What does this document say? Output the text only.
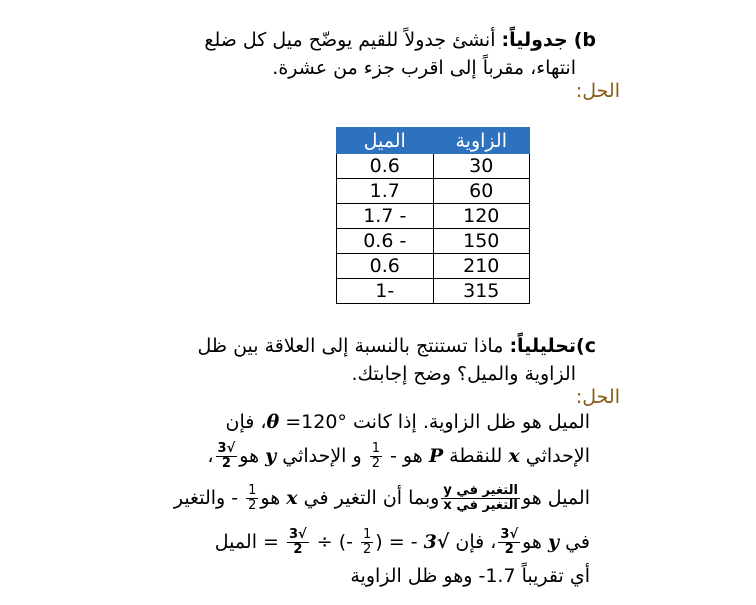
b) جدولياً: أنشئ جدولاً للقيم يوضّح ميل كل ضلع
انتهاء، مقرباً إلى اقرب جزء من عشرة.
الحل:
الزاوية	الميل
30	0.6
60	1.7
120	- 1.7
150	- 0.6
210	0.6
315	-1
c)تحليلياً: ماذا تستنتج بالنسبة إلى العلاقة بين ظل
الزاوية والميل؟ وضح إجابتك.
الحل:
الميل هو ظل الزاوية. إذا كانت °120= θ، فإن
الإحداثي x للنقطة P هو -
$\frac{1}{2}$
و الإحداثي y هو
$\frac{√3}{2}$
،
الميل هو
$\frac{\text{التغير في y}}{\text{التغير في x}}$
وبما أن التغير في x هو
$\frac{1}{2}$
- والتغير
في y هو
$\frac{√3}{2}$
، فإن √3 - = (
$\frac{1}{2}$
-) ÷
$\frac{√3}{2}$
= الميل
أي تقريباً 1.7- وهو ظل الزاوية
